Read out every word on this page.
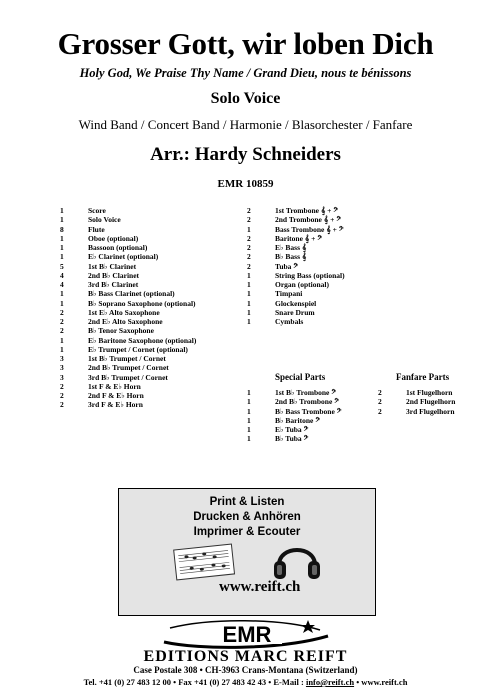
Grosser Gott, wir loben Dich
Holy God, We Praise Thy Name / Grand Dieu, nous te bénissons
Solo Voice
Wind Band / Concert Band / Harmonie / Blasorchester / Fanfare
Arr.: Hardy Schneiders
EMR 10859
1	Score
1	Solo Voice
8	Flute
1	Oboe (optional)
1	Bassoon (optional)
1	E♭ Clarinet (optional)
5	1st B♭ Clarinet
4	2nd B♭ Clarinet
4	3rd B♭ Clarinet
1	B♭ Bass Clarinet (optional)
1	B♭ Soprano Saxophone (optional)
2	1st E♭ Alto Saxophone
2	2nd E♭ Alto Saxophone
2	B♭ Tenor Saxophone
1	E♭ Baritone Saxophone (optional)
1	E♭ Trumpet / Cornet (optional)
3	1st B♭ Trumpet / Cornet
3	2nd B♭ Trumpet / Cornet
3	3rd B♭ Trumpet / Cornet
2	1st F & E♭ Horn
2	2nd F & E♭ Horn
2	3rd F & E♭ Horn
2	1st Trombone 𝄞 + 𝄢
2	2nd Trombone 𝄞 + 𝄢
1	Bass Trombone 𝄞 + 𝄢
2	Baritone 𝄞 + 𝄢
2	E♭ Bass 𝄞
2	B♭ Bass 𝄞
2	Tuba 𝄢
1	String Bass (optional)
1	Organ (optional)
1	Timpani
1	Glockenspiel
1	Snare Drum
1	Cymbals
Special Parts
1	1st B♭ Trombone 𝄢
1	2nd B♭ Trombone 𝄢
1	B♭ Bass Trombone 𝄢
1	B♭ Baritone 𝄢
1	E♭ Tuba 𝄢
1	B♭ Tuba 𝄢
Fanfare Parts
2	1st Flugelhorn
2	2nd Flugelhorn
2	3rd Flugelhorn
Print & Listen
Drucken & Anhören
Imprimer & Ecouter
www.reift.ch
EMR
EDITIONS MARC REIFT
Case Postale 308 • CH-3963 Crans-Montana (Switzerland)
Tel. +41 (0) 27 483 12 00 • Fax +41 (0) 27 483 42 43 • E-Mail : info@reift.ch • www.reift.ch
